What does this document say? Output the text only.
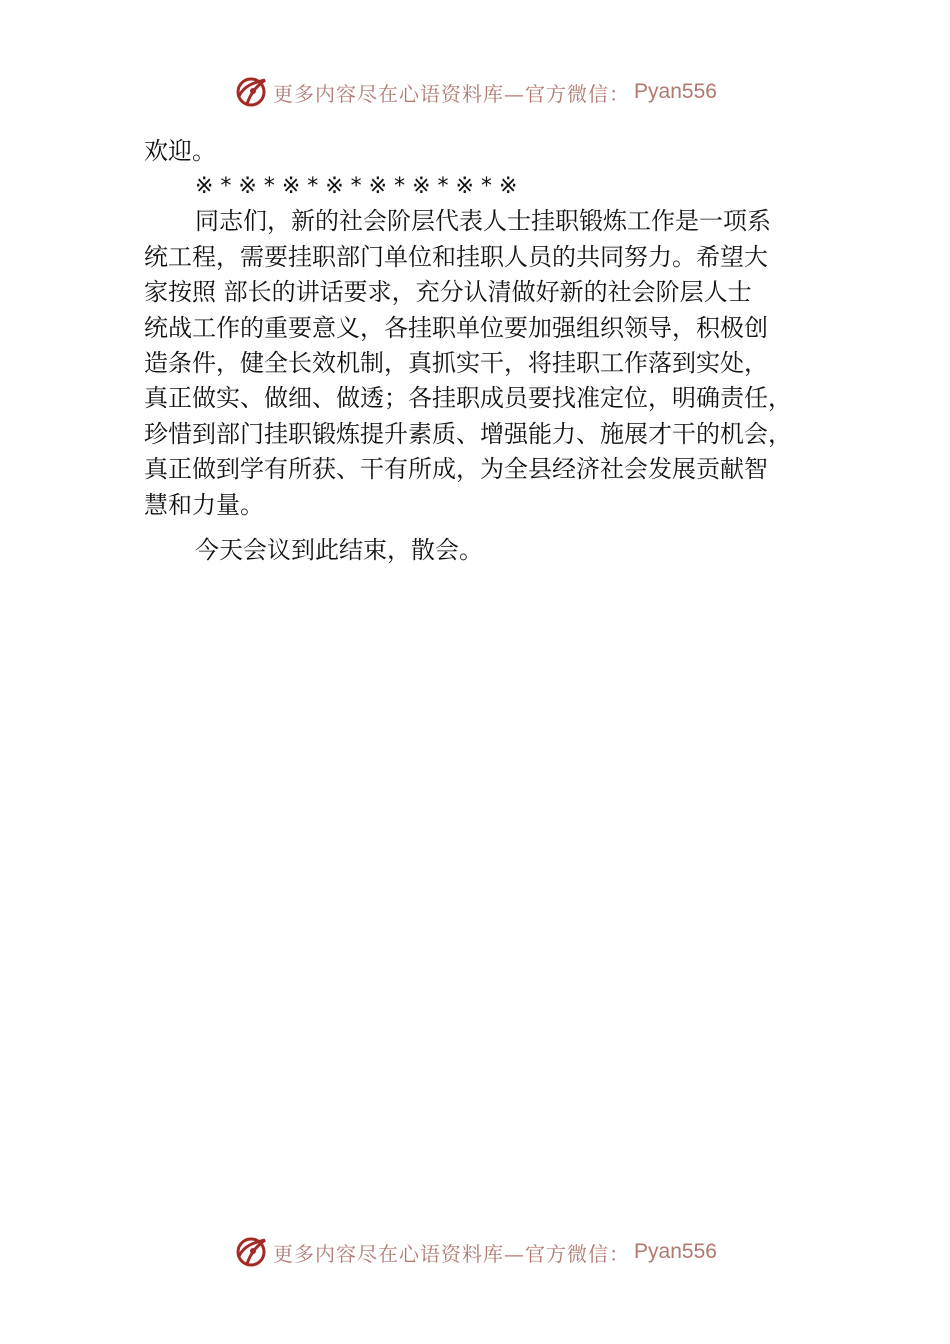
更多内容尽在心语资料库—官方微信： Pyan556

欢迎。

※ * ※ * ※ * ※ * ※ * ※ * ※ * ※

同志们，新的社会阶层代表人士挂职锻炼工作是一项系

统工程，需要挂职部门单位和挂职人员的共同努力。希望大

家按照 部长的讲话要求，充分认清做好新的社会阶层人士

统战工作的重要意义，各挂职单位要加强组织领导，积极创

造条件，健全长效机制，真抓实干，将挂职工作落到实处，

真正做实、做细、做透；各挂职成员要找准定位，明确责任，

珍惜到部门挂职锻炼提升素质、增强能力、施展才干的机会，

真正做到学有所获、干有所成，为全县经济社会发展贡献智

慧和力量。

今天会议到此结束，散会。

更多内容尽在心语资料库—官方微信： Pyan556
